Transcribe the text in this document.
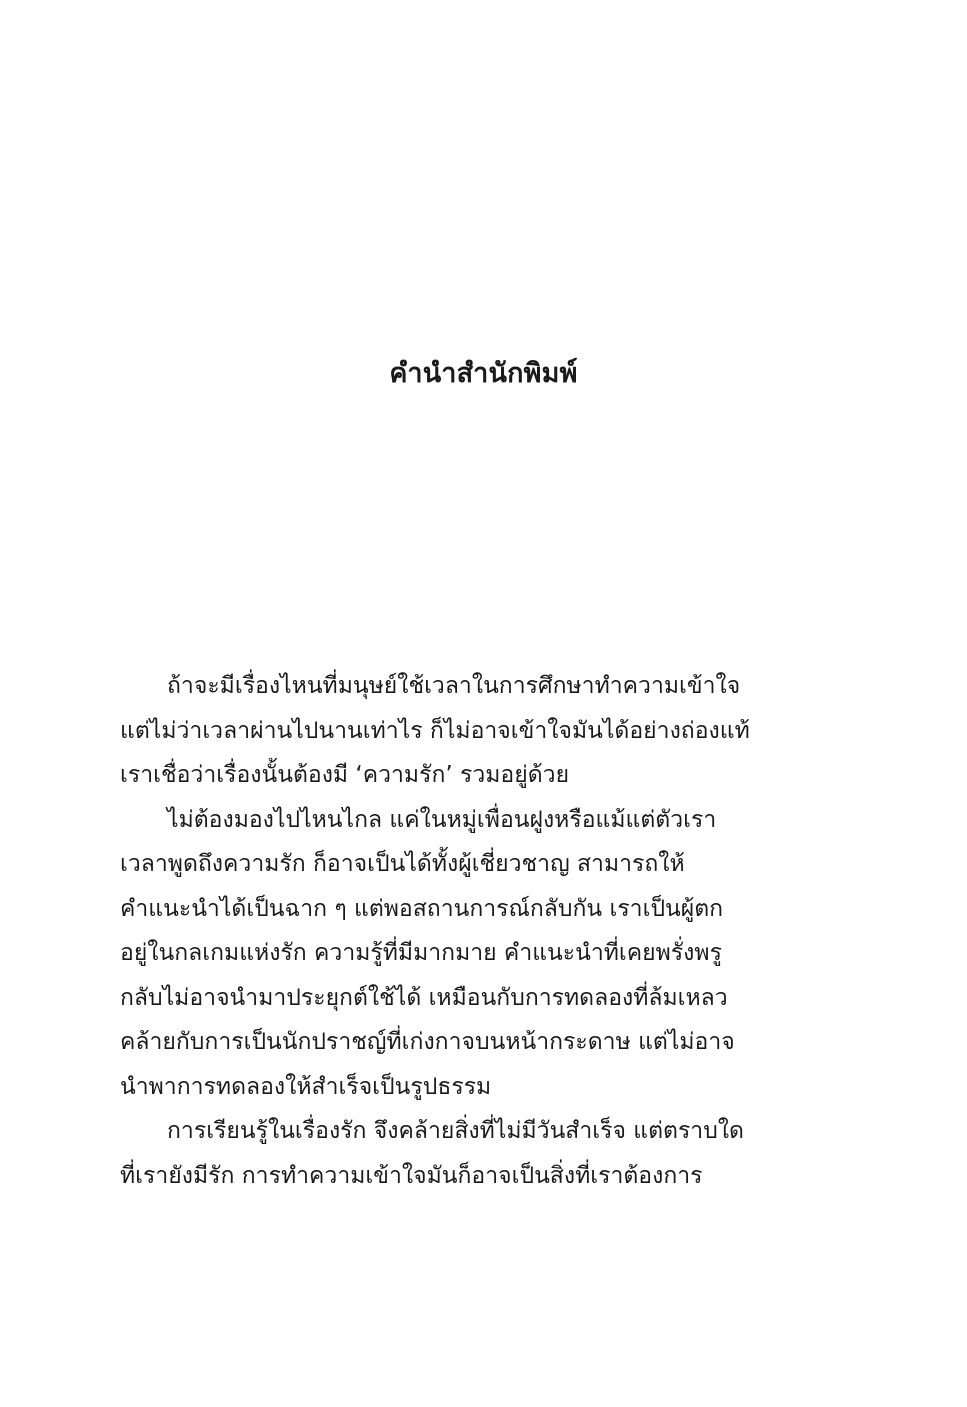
คำนำสำนักพิมพ์
ถ้าจะมีเรื่องไหนที่มนุษย์ใช้เวลาในการศึกษาทำความเข้าใจ
แต่ไม่ว่าเวลาผ่านไปนานเท่าไร ก็ไม่อาจเข้าใจมันได้อย่างถ่องแท้
เราเชื่อว่าเรื่องนั้นต้องมี ‘ความรัก’ รวมอยู่ด้วย
ไม่ต้องมองไปไหนไกล แค่ในหมู่เพื่อนฝูงหรือแม้แต่ตัวเรา
เวลาพูดถึงความรัก ก็อาจเป็นได้ทั้งผู้เชี่ยวชาญ สามารถให้
คำแนะนำได้เป็นฉาก ๆ แต่พอสถานการณ์กลับกัน เราเป็นผู้ตก
อยู่ในกลเกมแห่งรัก ความรู้ที่มีมากมาย คำแนะนำที่เคยพรั่งพรู
กลับไม่อาจนำมาประยุกต์ใช้ได้ เหมือนกับการทดลองที่ล้มเหลว
คล้ายกับการเป็นนักปราชญ์ที่เก่งกาจบนหน้ากระดาษ แต่ไม่อาจ
นำพาการทดลองให้สำเร็จเป็นรูปธรรม
การเรียนรู้ในเรื่องรัก จึงคล้ายสิ่งที่ไม่มีวันสำเร็จ แต่ตราบใด
ที่เรายังมีรัก การทำความเข้าใจมันก็อาจเป็นสิ่งที่เราต้องการ
